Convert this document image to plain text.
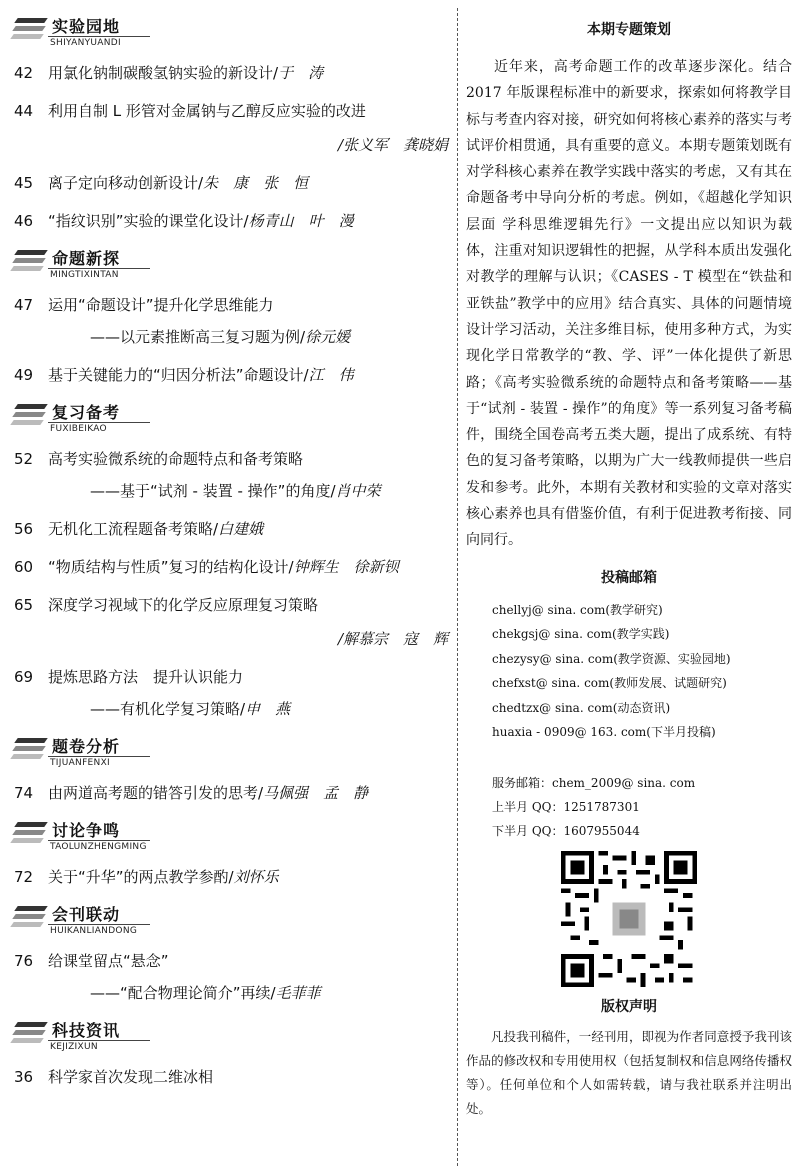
实验园地
SHIYANYUANDI
42 用氯化钠制碳酸氢钠实验的新设计/于　涛
44 利用自制 L 形管对金属钠与乙醇反应实验的改进
/张义军　龚晓娟
45 离子定向移动创新设计/朱　康　张　恒
46 “指纹识别”实验的课堂化设计/杨青山　叶　漫
命题新探
MINGTIXINTAN
47 运用“命题设计”提升化学思维能力
——以元素推断高三复习题为例/徐元媛
49 基于关键能力的“归因分析法”命题设计/江　伟
复习备考
FUXIBEIKAO
52 高考实验微系统的命题特点和备考策略
——基于“试剂 - 装置 - 操作”的角度/肖中荣
56 无机化工流程题备考策略/白建娥
60 “物质结构与性质”复习的结构化设计/钟辉生　徐新钡
65 深度学习视域下的化学反应原理复习策略
/解慕宗　寇　辉
69 提炼思路方法　提升认识能力
——有机化学复习策略/申　燕
题卷分析
TIJUANFENXI
74 由两道高考题的错答引发的思考/马佩强　孟　静
讨论争鸣
TAOLUNZHENGMING
72 关于“升华”的两点教学参酌/刘怀乐
会刊联动
HUIKANLIANDONG
76 给课堂留点“悬念”
——“配合物理论简介”再续/毛菲菲
科技资讯
KEJIZIXUN
36 科学家首次发现二维冰相
本期专题策划
近年来，高考命题工作的改革逐步深化。结合 2017 年版课程标准中的新要求，探索如何将教学目标与考查内容对接，研究如何将核心素养的落实与考试评价相贯通，具有重要的意义。本期专题策划既有对学科核心素养在教学实践中落实的考虑，又有其在命题备考中导向分析的考虑。例如，《超越化学知识层面 学科思维逻辑先行》一文提出应以知识为载体，注重对知识逻辑性的把握，从学科本质出发强化对教学的理解与认识；《CASES - T 模型在“铁盐和亚铁盐”教学中的应用》结合真实、具体的问题情境设计学习活动，关注多维目标，使用多种方式，为实现化学日常教学的“教、学、评”一体化提供了新思路；《高考实验微系统的命题特点和备考策略——基于“试剂 - 装置 - 操作”的角度》等一系列复习备考稿件，围绕全国卷高考五类大题，提出了成系统、有特色的复习备考策略，以期为广大一线教师提供一些启发和参考。此外，本期有关教材和实验的文章对落实核心素养也具有借鉴价值，有利于促进教考衔接、同向同行。
投稿邮箱
chellyj@ sina. com(教学研究)
chekgsj@ sina. com(教学实践)
chezysy@ sina. com(教学资源、实验园地)
chefxst@ sina. com(教师发展、试题研究)
chedtzx@ sina. com(动态资讯)
huaxia - 0909@ 163. com(下半月投稿)
服务邮箱：chem_2009@ sina. com
上半月 QQ：1251787301
下半月 QQ：1607955044
版权声明
凡投我刊稿件，一经刊用，即视为作者同意授予我刊该作品的修改权和专用使用权（包括复制权和信息网络传播权等）。任何单位和个人如需转载，请与我社联系并注明出处。
